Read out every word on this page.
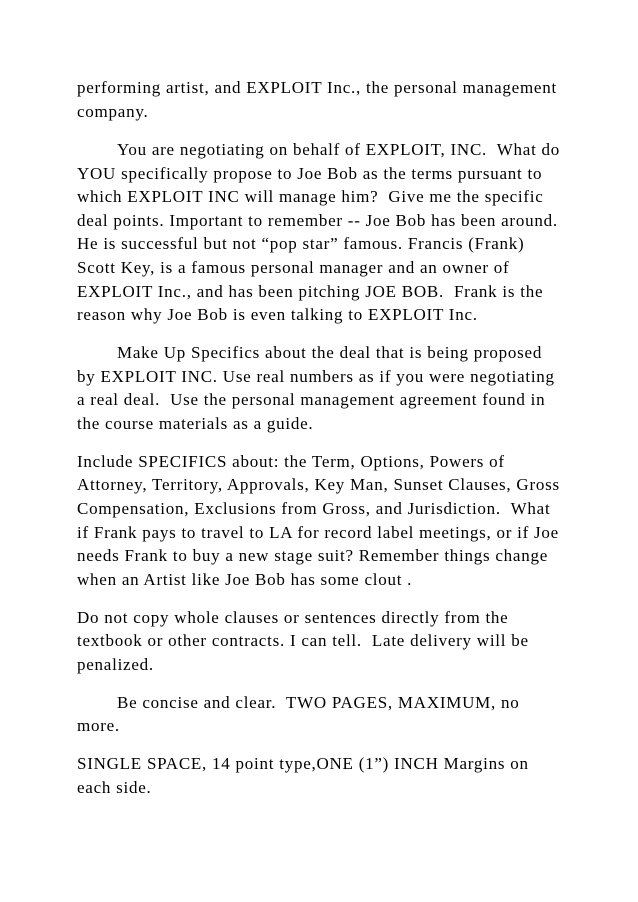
performing artist, and EXPLOIT Inc., the personal management
company.
You are negotiating on behalf of EXPLOIT, INC.  What do
YOU specifically propose to Joe Bob as the terms pursuant to
which EXPLOIT INC will manage him?  Give me the specific
deal points. Important to remember -- Joe Bob has been around.
He is successful but not “pop star” famous. Francis (Frank)
Scott Key, is a famous personal manager and an owner of
EXPLOIT Inc., and has been pitching JOE BOB.  Frank is the
reason why Joe Bob is even talking to EXPLOIT Inc.
Make Up Specifics about the deal that is being proposed
by EXPLOIT INC. Use real numbers as if you were negotiating
a real deal.  Use the personal management agreement found in
the course materials as a guide.
Include SPECIFICS about: the Term, Options, Powers of
Attorney, Territory, Approvals, Key Man, Sunset Clauses, Gross
Compensation, Exclusions from Gross, and Jurisdiction.  What
if Frank pays to travel to LA for record label meetings, or if Joe
needs Frank to buy a new stage suit? Remember things change
when an Artist like Joe Bob has some clout .
Do not copy whole clauses or sentences directly from the
textbook or other contracts. I can tell.  Late delivery will be
penalized.
Be concise and clear.  TWO PAGES, MAXIMUM, no
more.
SINGLE SPACE, 14 point type,ONE (1”) INCH Margins on
each side.
